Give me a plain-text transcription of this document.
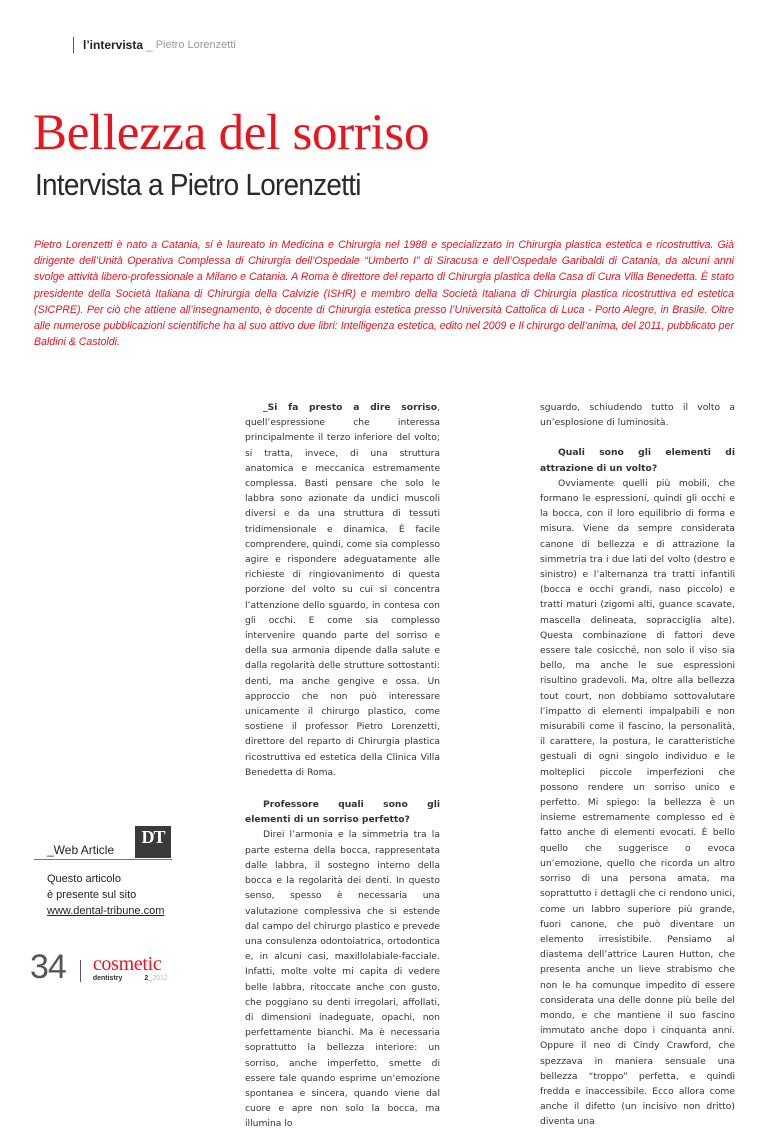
l’intervista _ Pietro Lorenzetti
Bellezza del sorriso
Intervista a Pietro Lorenzetti

Pietro Lorenzetti è nato a Catania, si è laureato in Medicina e Chirurgia nel 1988 e specializzato in Chirurgia plastica estetica e ricostruttiva. Già dirigente dell’Unità Operativa Complessa di Chirurgia dell’Ospedale “Umberto I” di Siracusa e dell’Ospedale Garibaldi di Catania, da alcuni anni svolge attività libero-professionale a Milano e Catania. A Roma è direttore del reparto di Chirurgia plastica della Casa di Cura Villa Benedetta. È stato presidente della Società Italiana di Chirurgia della Calvizie (ISHR) e membro della Società Italiana di Chirurgia plastica ricostruttiva ed estetica (SICPRE). Per ciò che attiene all’insegnamento, è docente di Chirurgia estetica presso l’Università Cattolica di Luca - Porto Alegre, in Brasile. Oltre alle numerose pubblicazioni scientifiche ha al suo attivo due libri: Intelligenza estetica, edito nel 2009 e Il chirurgo dell’anima, del 2011, pubblicato per Baldini & Castoldi.

_Si fa presto a dire sorriso, quell’espressione che interessa principalmente il terzo inferiore del volto; si tratta, invece, di una struttura anatomica e meccanica estremamente complessa. Basti pensare che solo le labbra sono azionate da undici muscoli diversi e da una struttura di tessuti tridimensionale e dinamica. È facile comprendere, quindi, come sia complesso agire e rispondere adeguatamente alle richieste di ringiovanimento di questa porzione del volto su cui si concentra l’attenzione dello sguardo, in contesa con gli occhi. E come sia complesso intervenire quando parte del sorriso e della sua armonia dipende dalla salute e dalla regolarità delle strutture sottostanti: denti, ma anche gengive e ossa. Un approccio che non può interessare unicamente il chirurgo plastico, come sostiene il professor Pietro Lorenzetti, direttore del reparto di Chirurgia plastica ricostruttiva ed estetica della Clinica Villa Benedetta di Roma.

Professore quali sono gli elementi di un sorriso perfetto?

Direi l’armonia e la simmetria tra la parte esterna della bocca, rappresentata dalle labbra, il sostegno interno della bocca e la regolarità dei denti. In questo senso, spesso è necessaria una valutazione complessiva che si estende dal campo del chirurgo plastico e prevede una consulenza odontoiatrica, ortodontica e, in alcuni casi, maxillolabiale-facciale. Infatti, molte volte mi capita di vedere belle labbra, ritoccate anche con gusto, che poggiano su denti irregolari, affollati, di dimensioni inadeguate, opachi, non perfettamente bianchi. Ma è necessaria soprattutto la bellezza interiore: un sorriso, anche imperfetto, smette di essere tale quando esprime un’emozione spontanea e sincera, quando viene dal cuore e apre non solo la bocca, ma illumina lo

sguardo, schiudendo tutto il volto a un’esplosione di luminosità.

Quali sono gli elementi di attrazione di un volto?

Ovviamente quelli più mobili, che formano le espressioni, quindi gli occhi e la bocca, con il loro equilibrio di forma e misura. Viene da sempre considerata canone di bellezza e di attrazione la simmetria tra i due lati del volto (destro e sinistro) e l’alternanza tra tratti infantili (bocca e occhi grandi, naso piccolo) e tratti maturi (zigomi alti, guance scavate, mascella delineata, sopracciglia alte). Questa combinazione di fattori deve essere tale cosicché, non solo il viso sia bello, ma anche le sue espressioni risultino gradevoli. Ma, oltre alla bellezza tout court, non dobbiamo sottovalutare l’impatto di elementi impalpabili e non misurabili come il fascino, la personalità, il carattere, la postura, le caratteristiche gestuali di ogni singolo individuo e le molteplici piccole imperfezioni che possono rendere un sorriso unico e perfetto. Mi spiego: la bellezza è un insieme estremamente complesso ed è fatto anche di elementi evocati. È bello quello che suggerisce o evoca un’emozione, quello che ricorda un altro sorriso di una persona amata, ma soprattutto i dettagli che ci rendono unici, come un labbro superiore più grande, fuori canone, che può diventare un elemento irresistibile. Pensiamo al diastema dell’attrice Lauren Hutton, che presenta anche un lieve strabismo che non le ha comunque impedito di essere considerata una delle donne più belle del mondo, e che mantiene il suo fascino immutato anche dopo i cinquanta anni. Oppure il neo di Cindy Crawford, che spezzava in maniera sensuale una bellezza “troppo” perfetta, e quindi fredda e inaccessibile. Ecco allora come anche il difetto (un incisivo non dritto) diventa una

DT
_Web Article
Questo articolo
è presente sul sito
www.dental-tribune.com
34 cosmetic
dentistry	2_2012
